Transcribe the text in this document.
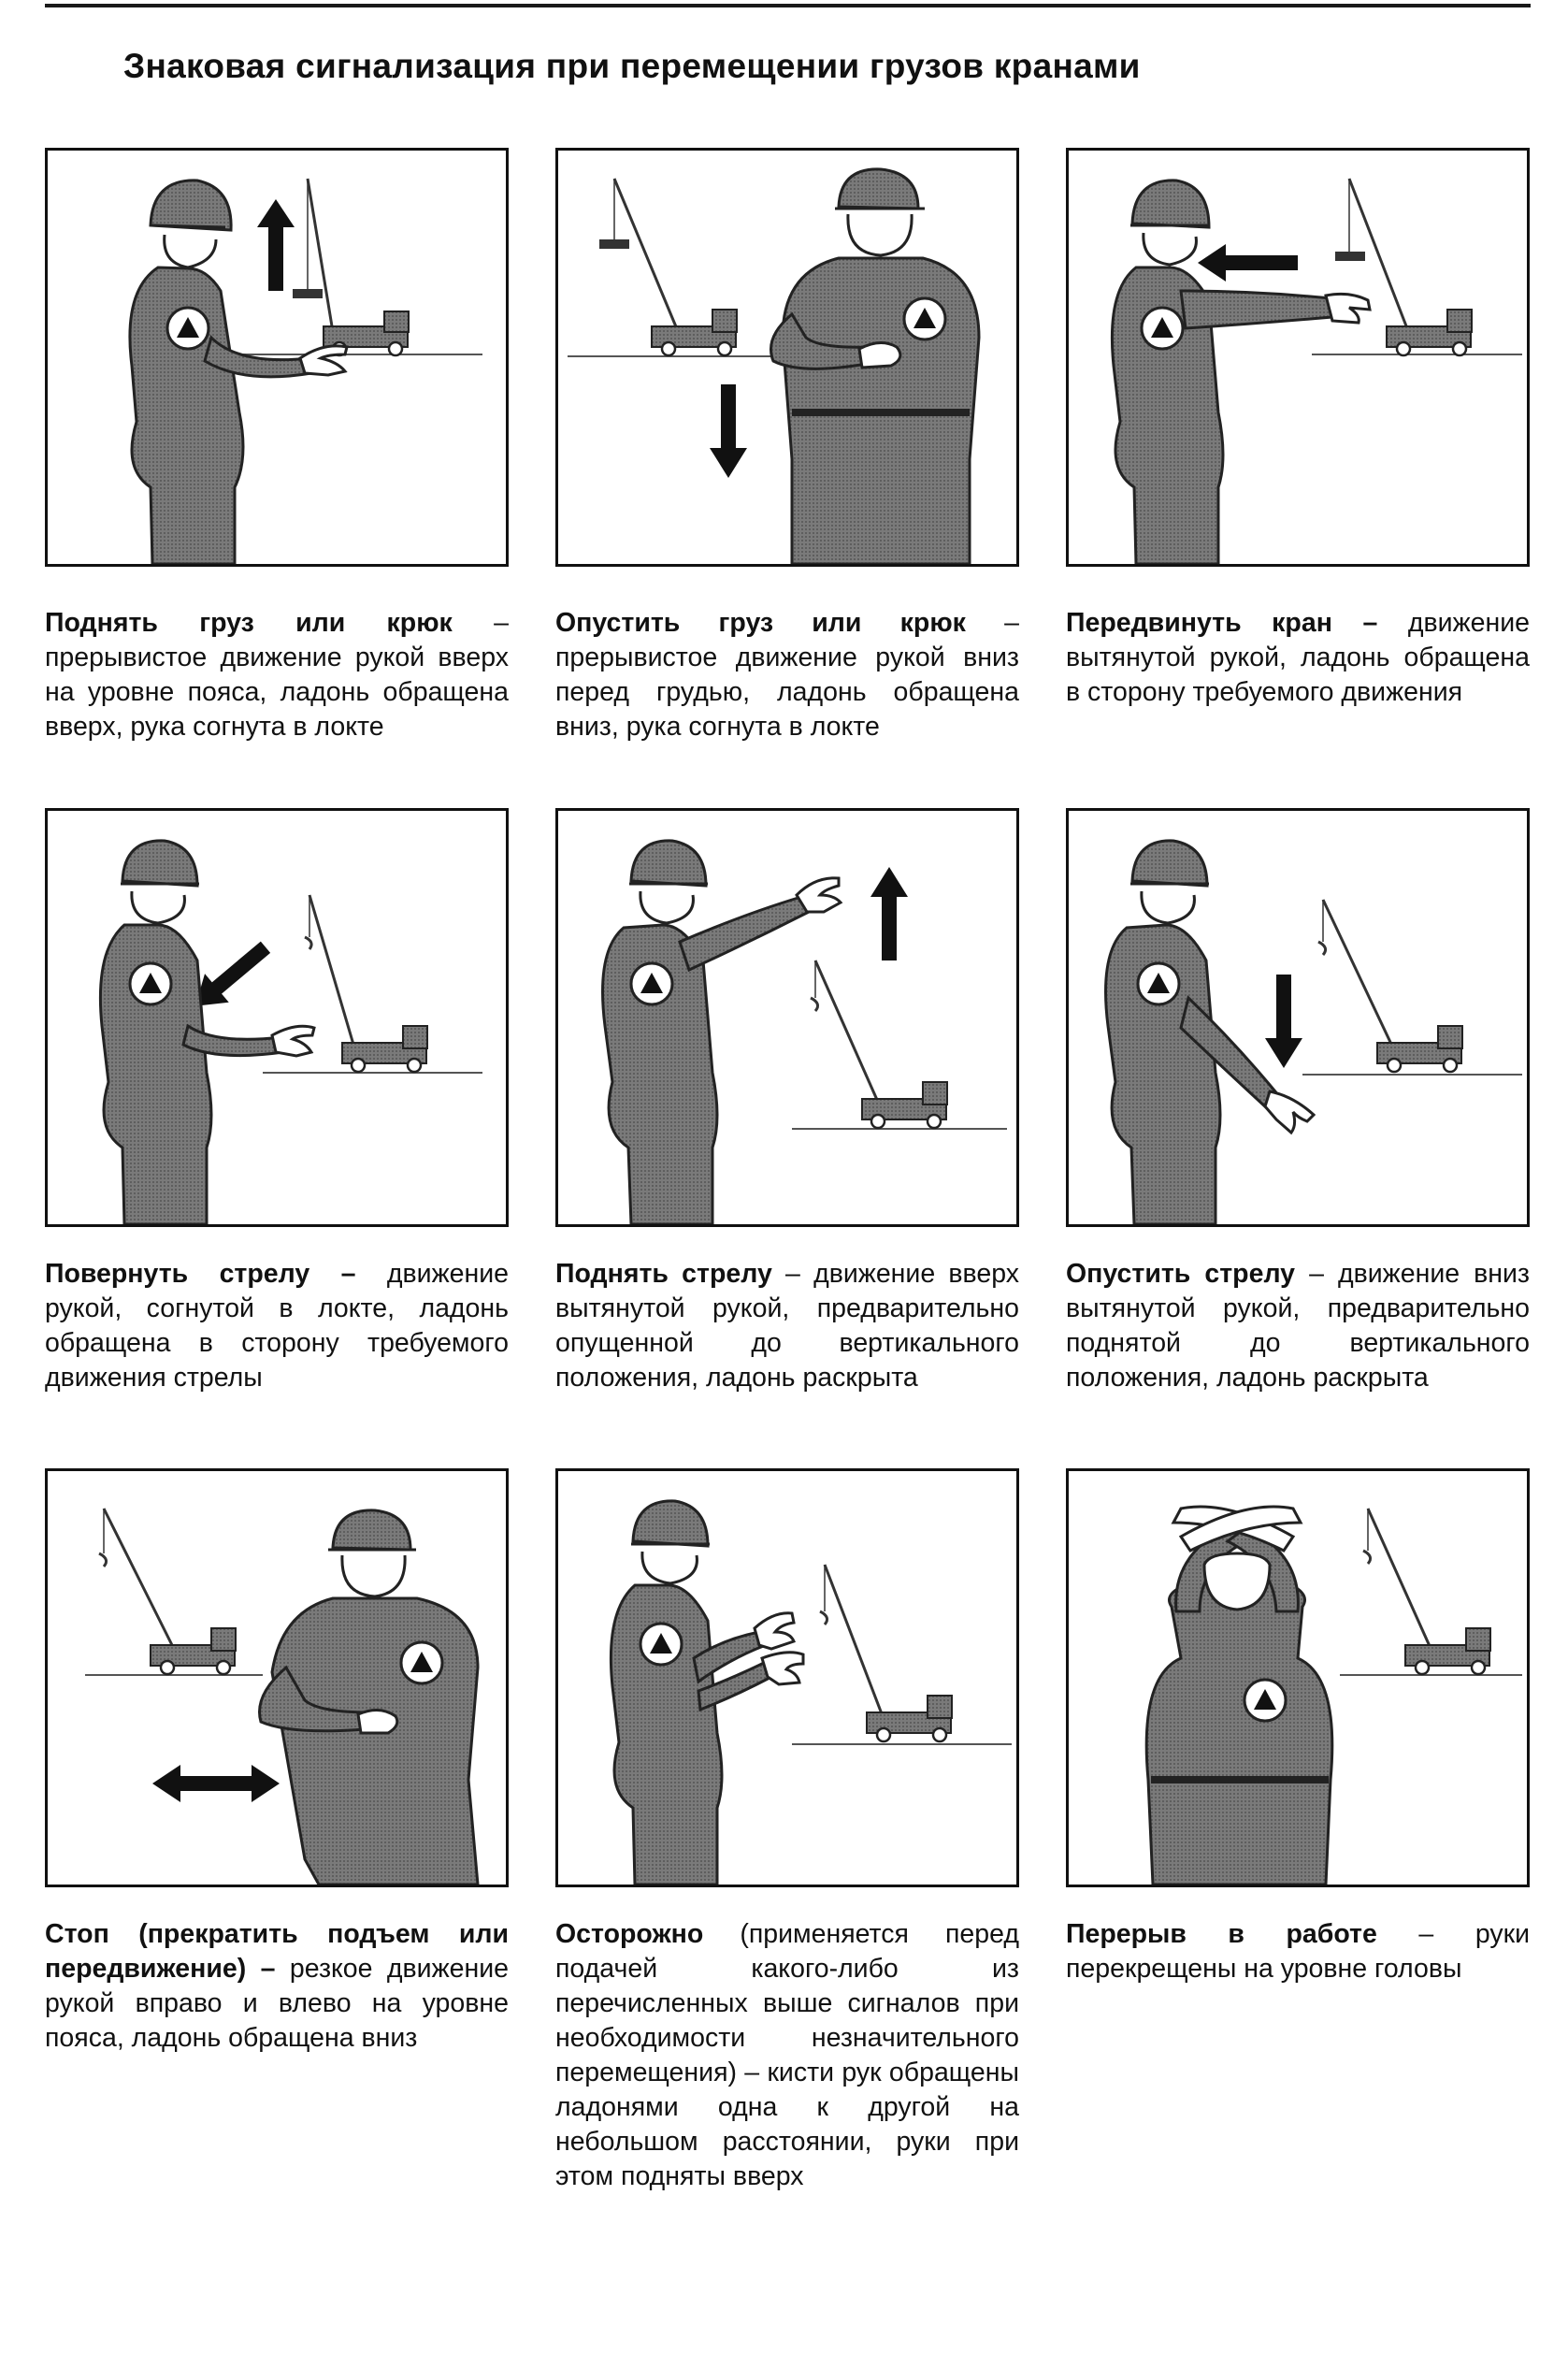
Знаковая сигнализация при перемещении грузов кранами

Поднять груз или крюк – прерывистое движение рукой вверх на уровне пояса, ладонь обращена вверх, рука согнута в локте

Опустить груз или крюк – прерывистое движение рукой вниз перед грудью, ладонь обращена вниз, рука согнута в локте

Передвинуть кран – движение вытянутой рукой, ладонь обращена в сторону требуемого движения

Повернуть стрелу – движение рукой, согнутой в локте, ладонь обращена в сторону требуемого движения стрелы

Поднять стрелу – движение вверх вытянутой рукой, предварительно опущенной до вертикального положения, ладонь раскрыта

Опустить стрелу – движение вниз вытянутой рукой, предварительно поднятой до вертикального положения, ладонь раскрыта

Стоп (прекратить подъем или передвижение) – резкое движение рукой вправо и влево на уровне пояса, ладонь обращена вниз

Осторожно (применяется перед подачей какого-либо из перечисленных выше сигналов при необходимости незначительного перемещения) – кисти рук обращены ладонями одна к другой на небольшом расстоянии, руки при этом подняты вверх

Перерыв в работе – руки перекрещены на уровне головы
